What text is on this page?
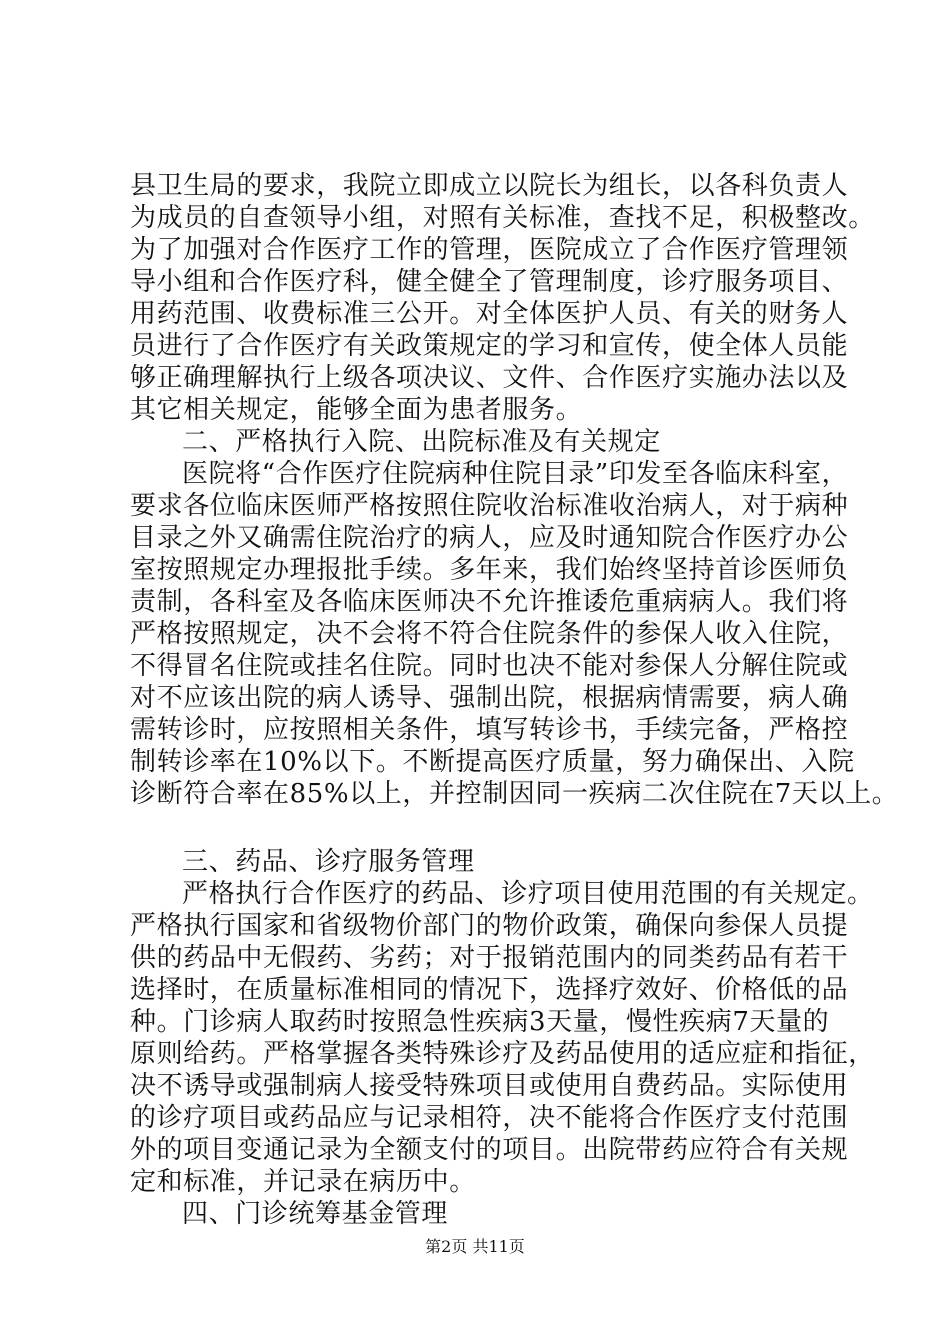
县卫生局的要求，我院立即成立以院长为组长，以各科负责人
为成员的自查领导小组，对照有关标准，查找不足，积极整改。
为了加强对合作医疗工作的管理，医院成立了合作医疗管理领
导小组和合作医疗科，健全健全了管理制度，诊疗服务项目、
用药范围、收费标准三公开。对全体医护人员、有关的财务人
员进行了合作医疗有关政策规定的学习和宣传，使全体人员能
够正确理解执行上级各项决议、文件、合作医疗实施办法以及
其它相关规定，能够全面为患者服务。
二、严格执行入院、出院标准及有关规定
医院将“合作医疗住院病种住院目录”印发至各临床科室，
要求各位临床医师严格按照住院收治标准收治病人，对于病种
目录之外又确需住院治疗的病人，应及时通知院合作医疗办公
室按照规定办理报批手续。多年来，我们始终坚持首诊医师负
责制，各科室及各临床医师决不允许推诿危重病病人。我们将
严格按照规定，决不会将不符合住院条件的参保人收入住院，
不得冒名住院或挂名住院。同时也决不能对参保人分解住院或
对不应该出院的病人诱导、强制出院，根据病情需要，病人确
需转诊时，应按照相关条件，填写转诊书，手续完备，严格控
制转诊率在10%以下。不断提高医疗质量，努力确保出、入院
诊断符合率在85%以上，并控制因同一疾病二次住院在7天以上。
三、药品、诊疗服务管理
严格执行合作医疗的药品、诊疗项目使用范围的有关规定。
严格执行国家和省级物价部门的物价政策，确保向参保人员提
供的药品中无假药、劣药；对于报销范围内的同类药品有若干
选择时，在质量标准相同的情况下，选择疗效好、价格低的品
种。门诊病人取药时按照急性疾病3天量，慢性疾病7天量的
原则给药。严格掌握各类特殊诊疗及药品使用的适应症和指征，
决不诱导或强制病人接受特殊项目或使用自费药品。实际使用
的诊疗项目或药品应与记录相符，决不能将合作医疗支付范围
外的项目变通记录为全额支付的项目。出院带药应符合有关规
定和标准，并记录在病历中。
四、门诊统筹基金管理
第2页 共11页
